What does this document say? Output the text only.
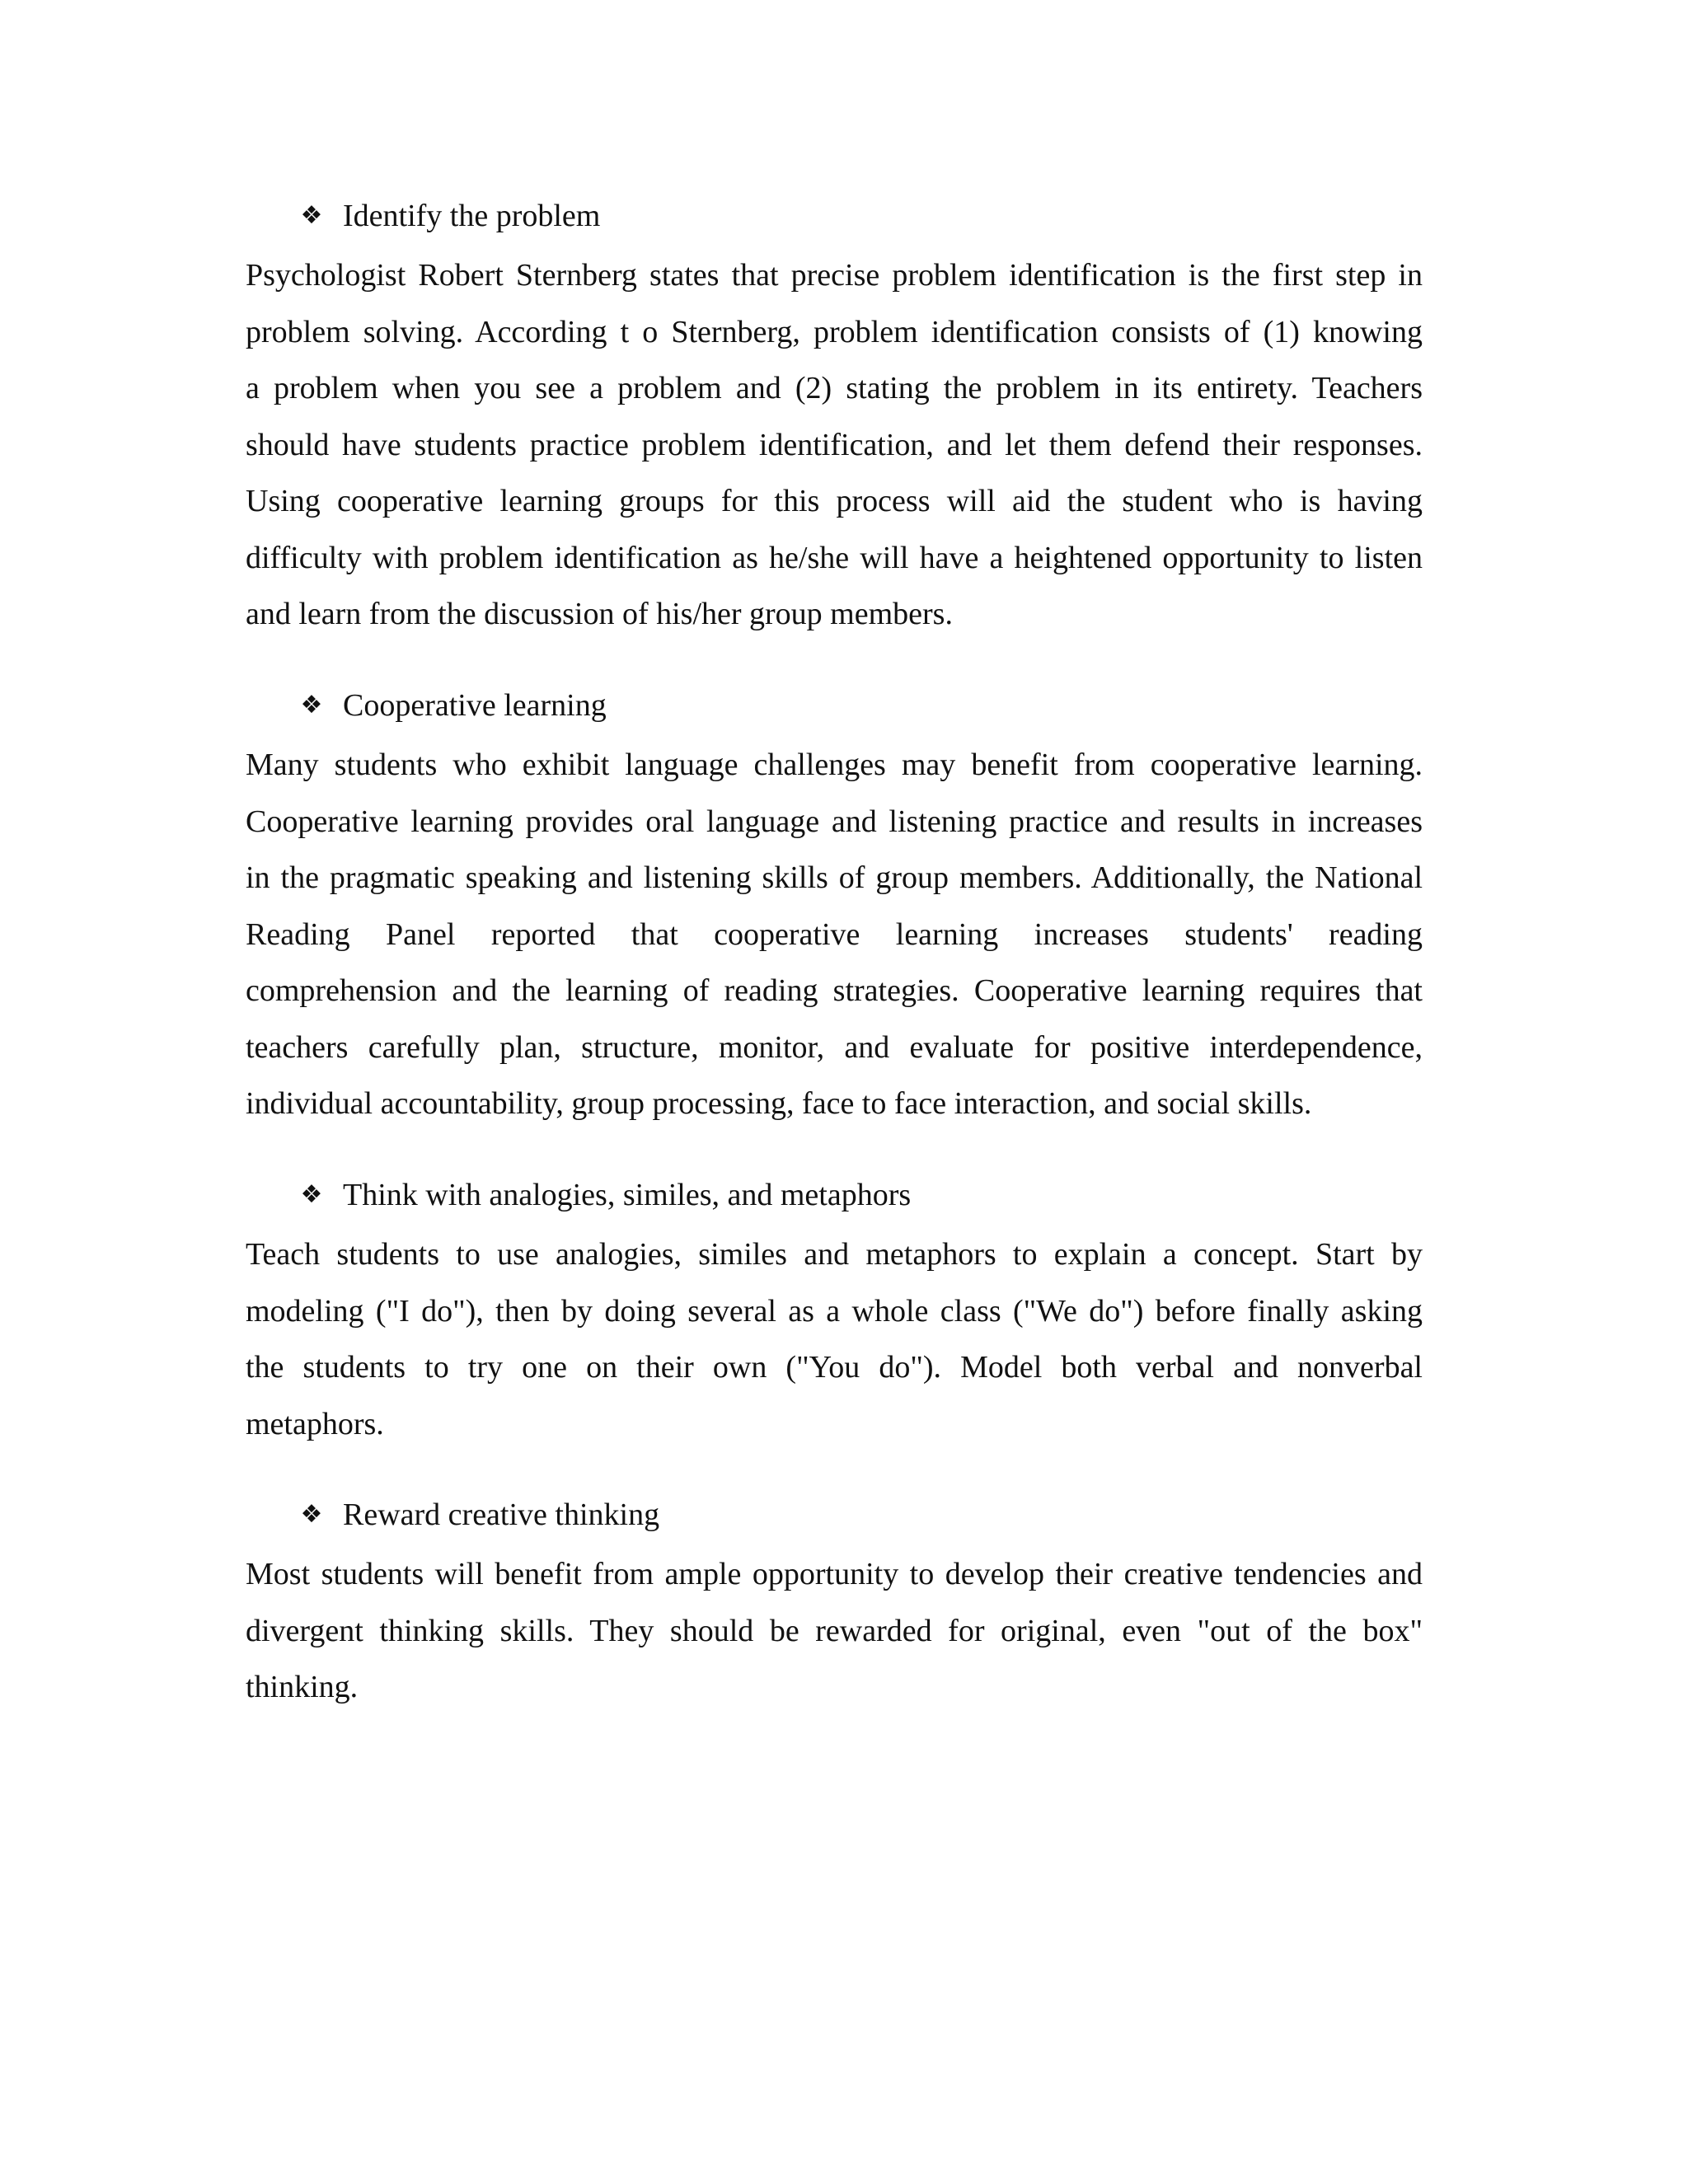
❖ Identify the problem
Psychologist Robert Sternberg states that precise problem identification is the first step in
problem solving. According t o Sternberg, problem identification consists of (1) knowing
a problem when you see a problem and (2) stating the problem in its entirety. Teachers
should have students practice problem identification, and let them defend their responses.
Using cooperative learning groups for this process will aid the student who is having
difficulty with problem identification as he/she will have a heightened opportunity to listen
and learn from the discussion of his/her group members.
❖ Cooperative learning
Many students who exhibit language challenges may benefit from cooperative learning.
Cooperative learning provides oral language and listening practice and results in increases
in the pragmatic speaking and listening skills of group members. Additionally, the National
Reading Panel reported that cooperative learning increases students' reading
comprehension and the learning of reading strategies. Cooperative learning requires that
teachers carefully plan, structure, monitor, and evaluate for positive interdependence,
individual accountability, group processing, face to face interaction, and social skills.
❖ Think with analogies, similes, and metaphors
Teach students to use analogies, similes and metaphors to explain a concept. Start by
modeling ("I do"), then by doing several as a whole class ("We do") before finally asking
the students to try one on their own ("You do"). Model both verbal and nonverbal
metaphors.
❖ Reward creative thinking
Most students will benefit from ample opportunity to develop their creative tendencies and
divergent thinking skills. They should be rewarded for original, even "out of the box"
thinking.
